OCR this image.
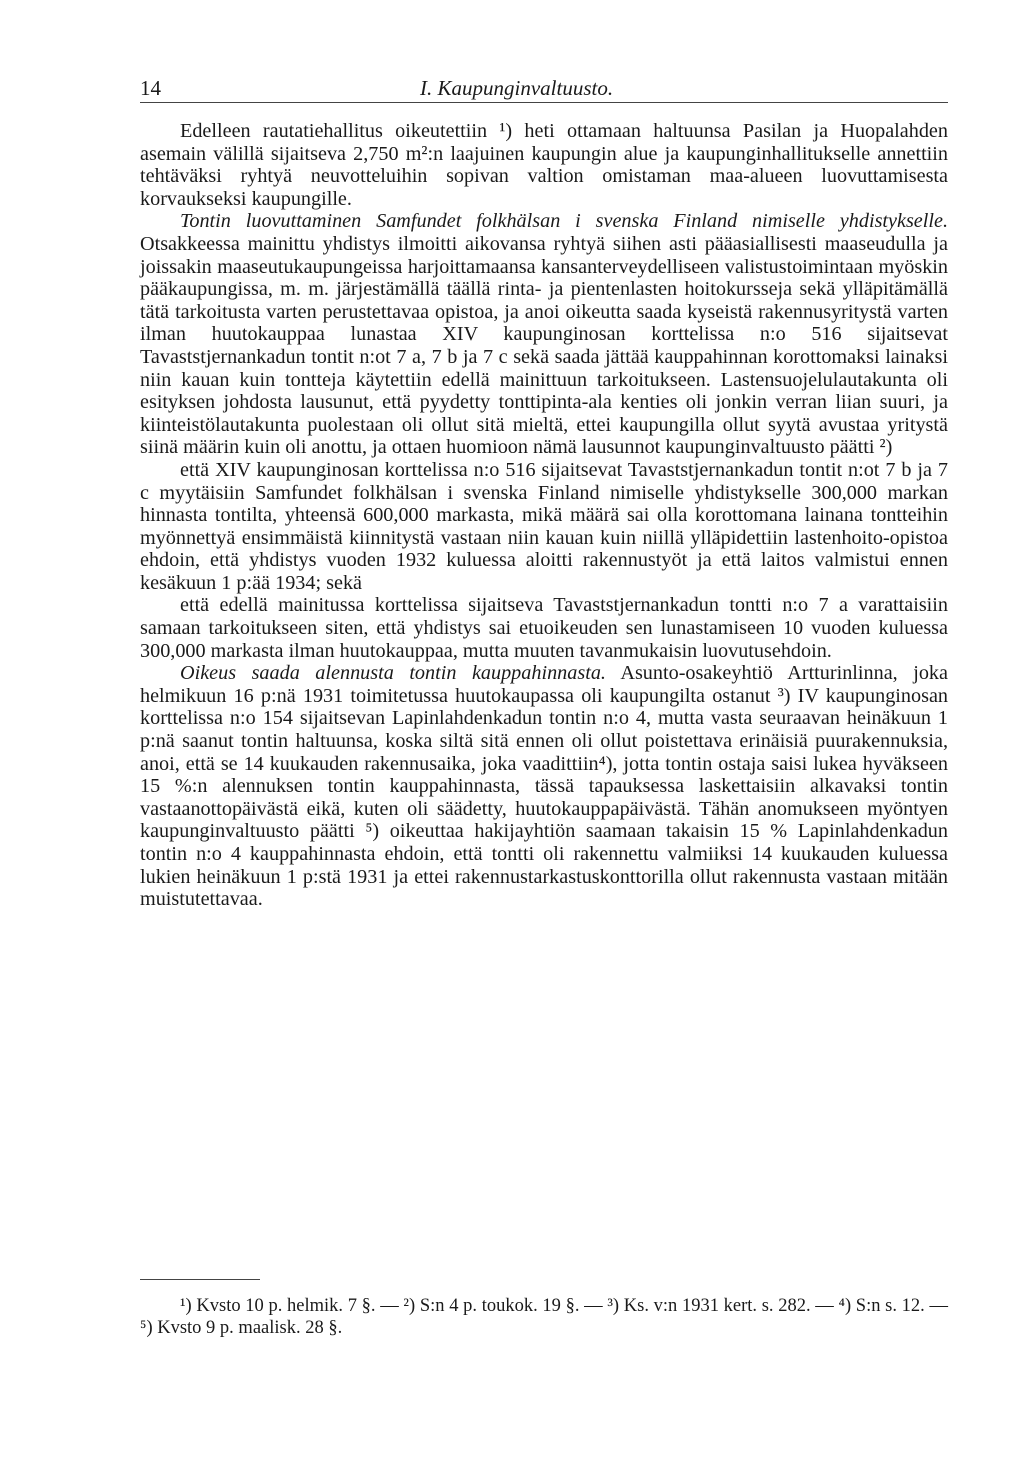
14	I. Kaupunginvaltuusto.

Edelleen rautatiehallitus oikeutettiin ¹) heti ottamaan haltuunsa Pasilan ja Huopalahden asemain välillä sijaitseva 2,750 m²:n laajuinen kaupungin alue ja kaupunginhallitukselle annettiin tehtäväksi ryhtyä neuvotteluihin sopivan valtion omistaman maa-alueen luovuttamisesta korvaukseksi kaupungille.

Tontin luovuttaminen Samfundet folkhälsan i svenska Finland nimiselle yhdistykselle. Otsakkeessa mainittu yhdistys ilmoitti aikovansa ryhtyä siihen asti pääasiallisesti maaseudulla ja joissakin maaseutukaupungeissa harjoittamaansa kansanterveydelliseen valistustoimintaan myöskin pääkaupungissa, m. m. järjestämällä täällä rinta- ja pientenlasten hoitokursseja sekä ylläpitämällä tätä tarkoitusta varten perustettavaa opistoa, ja anoi oikeutta saada kyseistä rakennusyritystä varten ilman huutokauppaa lunastaa XIV kaupunginosan korttelissa n:o 516 sijaitsevat Tavaststjernankadun tontit n:ot 7 a, 7 b ja 7 c sekä saada jättää kauppahinnan korottomaksi lainaksi niin kauan kuin tontteja käytettiin edellä mainittuun tarkoitukseen. Lastensuojelulautakunta oli esityksen johdosta lausunut, että pyydetty tonttipinta-ala kenties oli jonkin verran liian suuri, ja kiinteistölautakunta puolestaan oli ollut sitä mieltä, ettei kaupungilla ollut syytä avustaa yritystä siinä määrin kuin oli anottu, ja ottaen huomioon nämä lausunnot kaupunginvaltuusto päätti ²)

että XIV kaupunginosan korttelissa n:o 516 sijaitsevat Tavaststjernankadun tontit n:ot 7 b ja 7 c myytäisiin Samfundet folkhälsan i svenska Finland nimiselle yhdistykselle 300,000 markan hinnasta tontilta, yhteensä 600,000 markasta, mikä määrä sai olla korottomana lainana tontteihin myönnettyä ensimmäistä kiinnitystä vastaan niin kauan kuin niillä ylläpidettiin lastenhoito-opistoa ehdoin, että yhdistys vuoden 1932 kuluessa aloitti rakennustyöt ja että laitos valmistui ennen kesäkuun 1 p:ää 1934; sekä

että edellä mainitussa korttelissa sijaitseva Tavaststjernankadun tontti n:o 7 a varattaisiin samaan tarkoitukseen siten, että yhdistys sai etuoikeuden sen lunastamiseen 10 vuoden kuluessa 300,000 markasta ilman huutokauppaa, mutta muuten tavanmukaisin luovutusehdoin.

Oikeus saada alennusta tontin kauppahinnasta. Asunto-osakeyhtiö Artturinlinna, joka helmikuun 16 p:nä 1931 toimitetussa huutokaupassa oli kaupungilta ostanut ³) IV kaupunginosan korttelissa n:o 154 sijaitsevan Lapinlahdenkadun tontin n:o 4, mutta vasta seuraavan heinäkuun 1 p:nä saanut tontin haltuunsa, koska siltä sitä ennen oli ollut poistettava erinäisiä puurakennuksia, anoi, että se 14 kuukauden rakennusaika, joka vaadittiin⁴), jotta tontin ostaja saisi lukea hyväkseen 15 %:n alennuksen tontin kauppahinnasta, tässä tapauksessa laskettaisiin alkavaksi tontin vastaanottopäivästä eikä, kuten oli säädetty, huutokauppapäivästä. Tähän anomukseen myöntyen kaupunginvaltuusto päätti ⁵) oikeuttaa hakijayhtiön saamaan takaisin 15 % Lapinlahdenkadun tontin n:o 4 kauppahinnasta ehdoin, että tontti oli rakennettu valmiiksi 14 kuukauden kuluessa lukien heinäkuun 1 p:stä 1931 ja ettei rakennustarkastuskonttorilla ollut rakennusta vastaan mitään muistutettavaa.

¹) Kvsto 10 p. helmik. 7 §. — ²) S:n 4 p. toukok. 19 §. — ³) Ks. v:n 1931 kert. s. 282. — ⁴) S:n s. 12. — ⁵) Kvsto 9 p. maalisk. 28 §.
